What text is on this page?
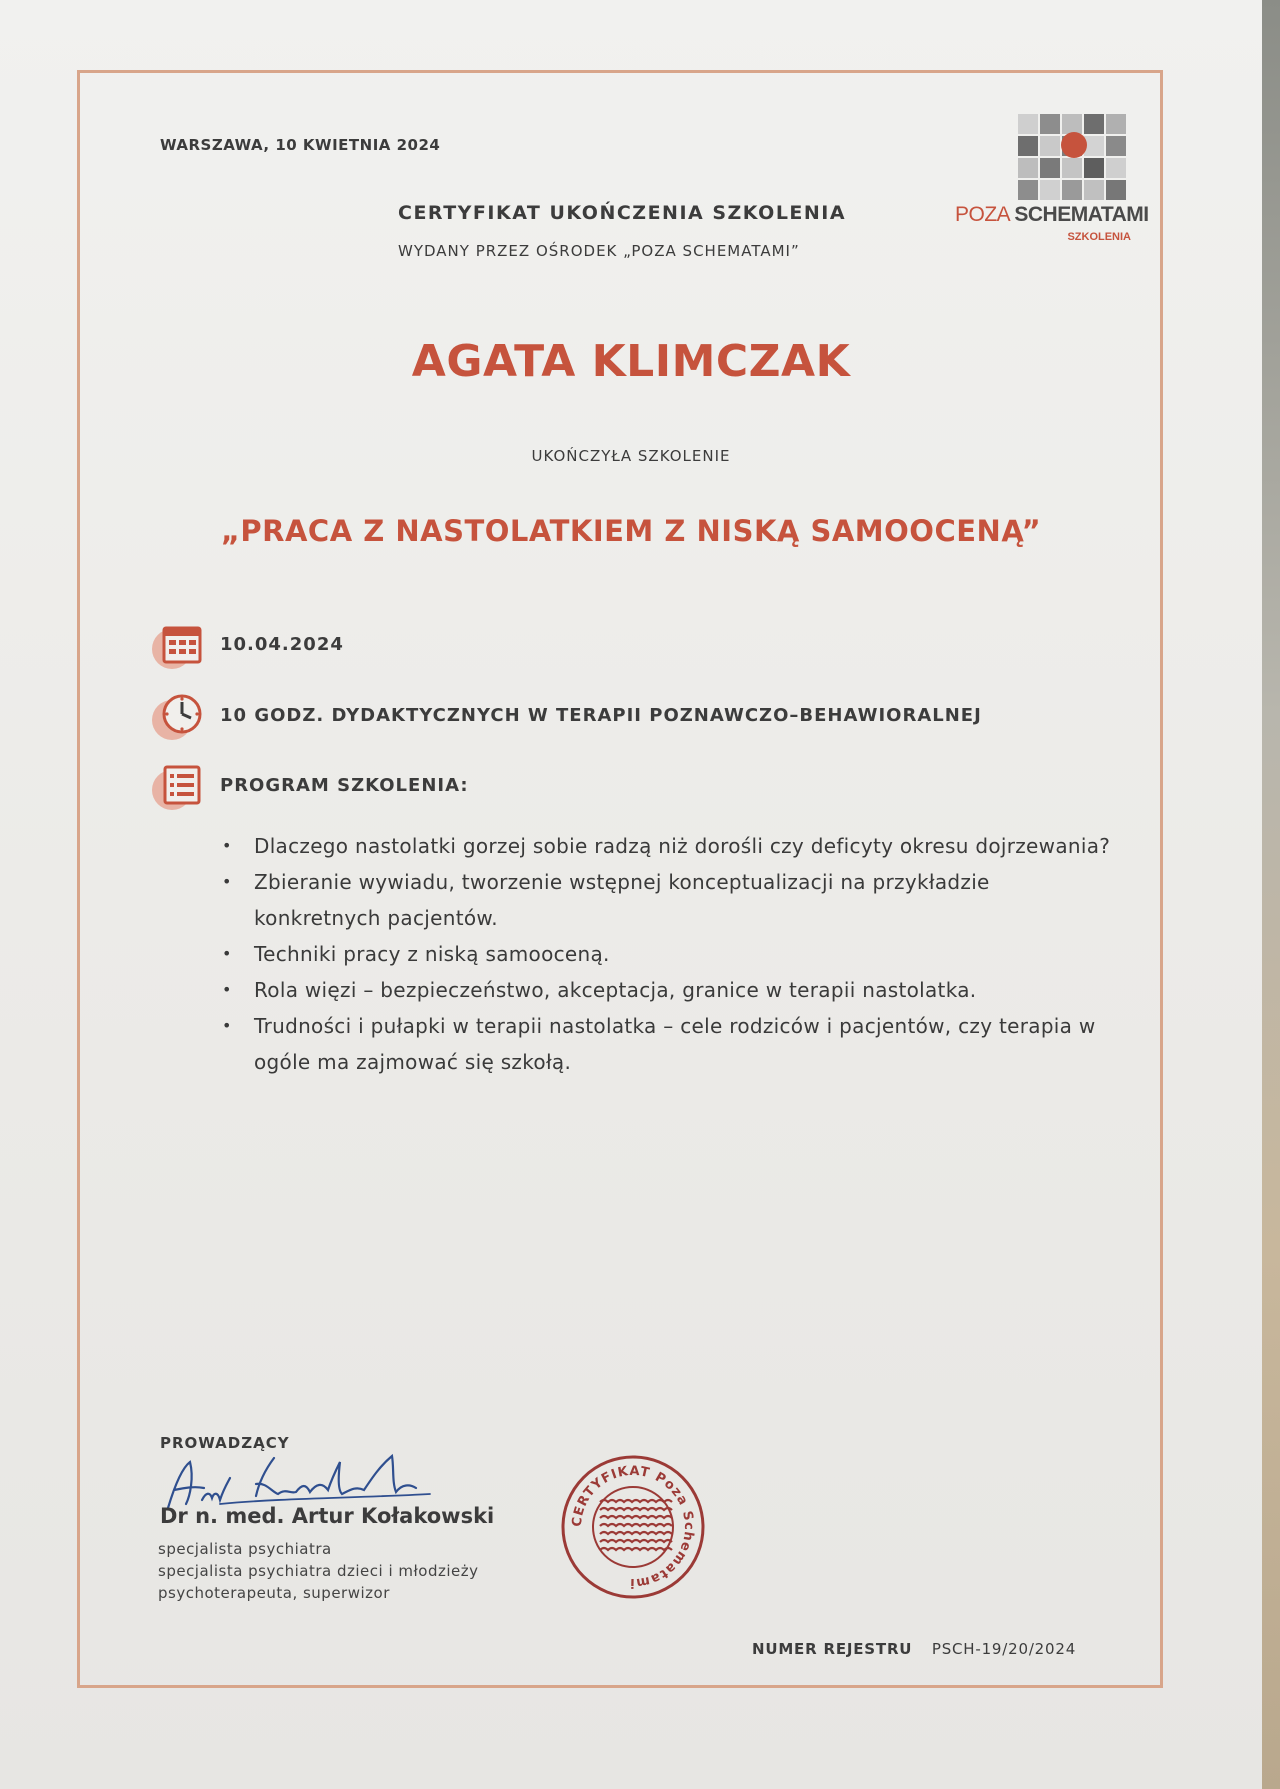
WARSZAWA, 10 KWIETNIA 2024
POZA SCHEMATAMI
SZKOLENIA
CERTYFIKAT UKOŃCZENIA SZKOLENIA
WYDANY PRZEZ OŚRODEK „POZA SCHEMATAMI”
AGATA KLIMCZAK
UKOŃCZYŁA SZKOLENIE
„PRACA Z NASTOLATKIEM Z NISKĄ SAMOOCENĄ”
10.04.2024
10 GODZ. DYDAKTYCZNYCH W TERAPII POZNAWCZO–BEHAWIORALNEJ
PROGRAM SZKOLENIA:
• Dlaczego nastolatki gorzej sobie radzą niż dorośli czy deficyty okresu dojrzewania?
• Zbieranie wywiadu, tworzenie wstępnej konceptualizacji na przykładzie konkretnych pacjentów.
• Techniki pracy z niską samooceną.
• Rola więzi – bezpieczeństwo, akceptacja, granice w terapii nastolatka.
• Trudności i pułapki w terapii nastolatka – cele rodziców i pacjentów, czy terapia w ogóle ma zajmować się szkołą.
PROWADZĄCY
Dr n. med. Artur Kołakowski
specjalista psychiatra
specjalista psychiatra dzieci i młodzieży
psychoterapeuta, superwizor
CERTYFIKAT Poza Schematami
NUMER REJESTRU PSCH-19/20/2024
